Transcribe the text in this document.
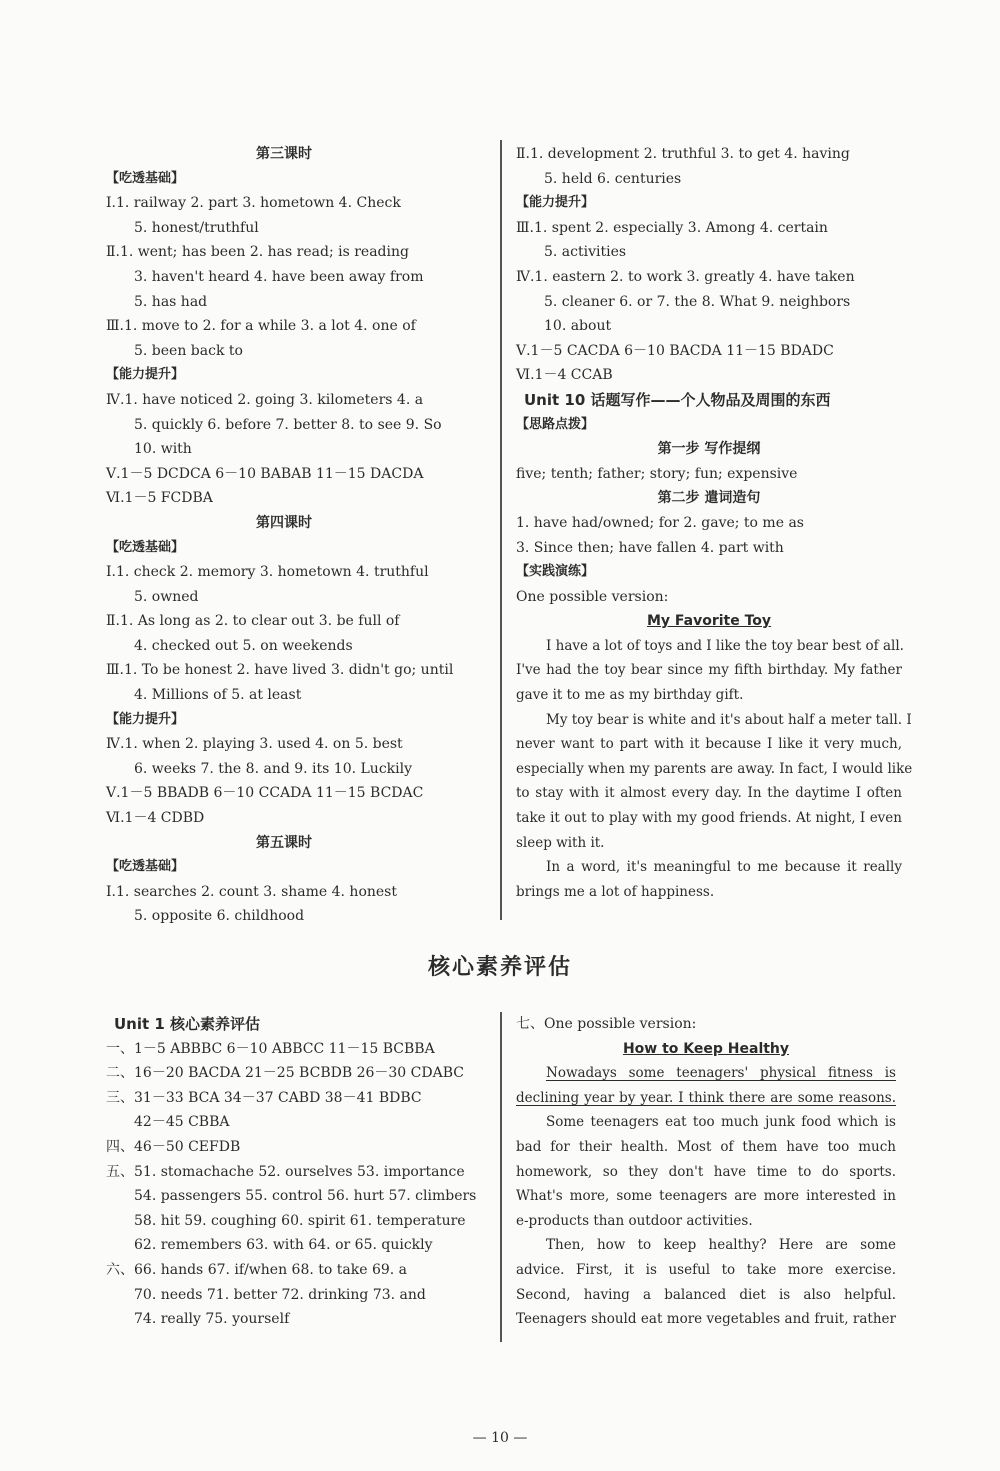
第三课时
【吃透基础】
Ⅰ.1. railway 2. part 3. hometown 4. Check
5. honest/truthful
Ⅱ.1. went; has been 2. has read; is reading
3. haven't heard 4. have been away from
5. has had
Ⅲ.1. move to 2. for a while 3. a lot 4. one of
5. been back to
【能力提升】
Ⅳ.1. have noticed 2. going 3. kilometers 4. a
5. quickly 6. before 7. better 8. to see 9. So
10. with
Ⅴ.1－5 DCDCA 6－10 BABAB 11－15 DACDA
Ⅵ.1－5 FCDBA
第四课时
【吃透基础】
Ⅰ.1. check 2. memory 3. hometown 4. truthful
5. owned
Ⅱ.1. As long as 2. to clear out 3. be full of
4. checked out 5. on weekends
Ⅲ.1. To be honest 2. have lived 3. didn't go; until
4. Millions of 5. at least
【能力提升】
Ⅳ.1. when 2. playing 3. used 4. on 5. best
6. weeks 7. the 8. and 9. its 10. Luckily
Ⅴ.1－5 BBADB 6－10 CCADA 11－15 BCDAC
Ⅵ.1－4 CDBD
第五课时
【吃透基础】
Ⅰ.1. searches 2. count 3. shame 4. honest
5. opposite 6. childhood
Ⅱ.1. development 2. truthful 3. to get 4. having
5. held 6. centuries
【能力提升】
Ⅲ.1. spent 2. especially 3. Among 4. certain
5. activities
Ⅳ.1. eastern 2. to work 3. greatly 4. have taken
5. cleaner 6. or 7. the 8. What 9. neighbors
10. about
Ⅴ.1－5 CACDA 6－10 BACDA 11－15 BDADC
Ⅵ.1－4 CCAB
Unit 10 话题写作——个人物品及周围的东西
【思路点拨】
第一步 写作提纲
five; tenth; father; story; fun; expensive
第二步 遣词造句
1. have had/owned; for 2. gave; to me as
3. Since then; have fallen 4. part with
【实践演练】
One possible version:
My Favorite Toy
I have a lot of toys and I like the toy bear best of all.
I've had the toy bear since my fifth birthday. My father
gave it to me as my birthday gift.
My toy bear is white and it's about half a meter tall. I
never want to part with it because I like it very much,
especially when my parents are away. In fact, I would like
to stay with it almost every day. In the daytime I often
take it out to play with my good friends. At night, I even
sleep with it.
In a word, it's meaningful to me because it really
brings me a lot of happiness.
核心素养评估
Unit 1 核心素养评估
一、1－5 ABBBC 6－10 ABBCC 11－15 BCBBA
二、16－20 BACDA 21－25 BCBDB 26－30 CDABC
三、31－33 BCA 34－37 CABD 38－41 BDBC
42－45 CBBA
四、46－50 CEFDB
五、51. stomachache 52. ourselves 53. importance
54. passengers 55. control 56. hurt 57. climbers
58. hit 59. coughing 60. spirit 61. temperature
62. remembers 63. with 64. or 65. quickly
六、66. hands 67. if/when 68. to take 69. a
70. needs 71. better 72. drinking 73. and
74. really 75. yourself
七、One possible version:
How to Keep Healthy
Nowadays some teenagers' physical fitness is
declining year by year. I think there are some reasons.
Some teenagers eat too much junk food which is
bad for their health. Most of them have too much
homework, so they don't have time to do sports.
What's more, some teenagers are more interested in
e-products than outdoor activities.
Then, how to keep healthy? Here are some
advice. First, it is useful to take more exercise.
Second, having a balanced diet is also helpful.
Teenagers should eat more vegetables and fruit, rather
— 10 —
